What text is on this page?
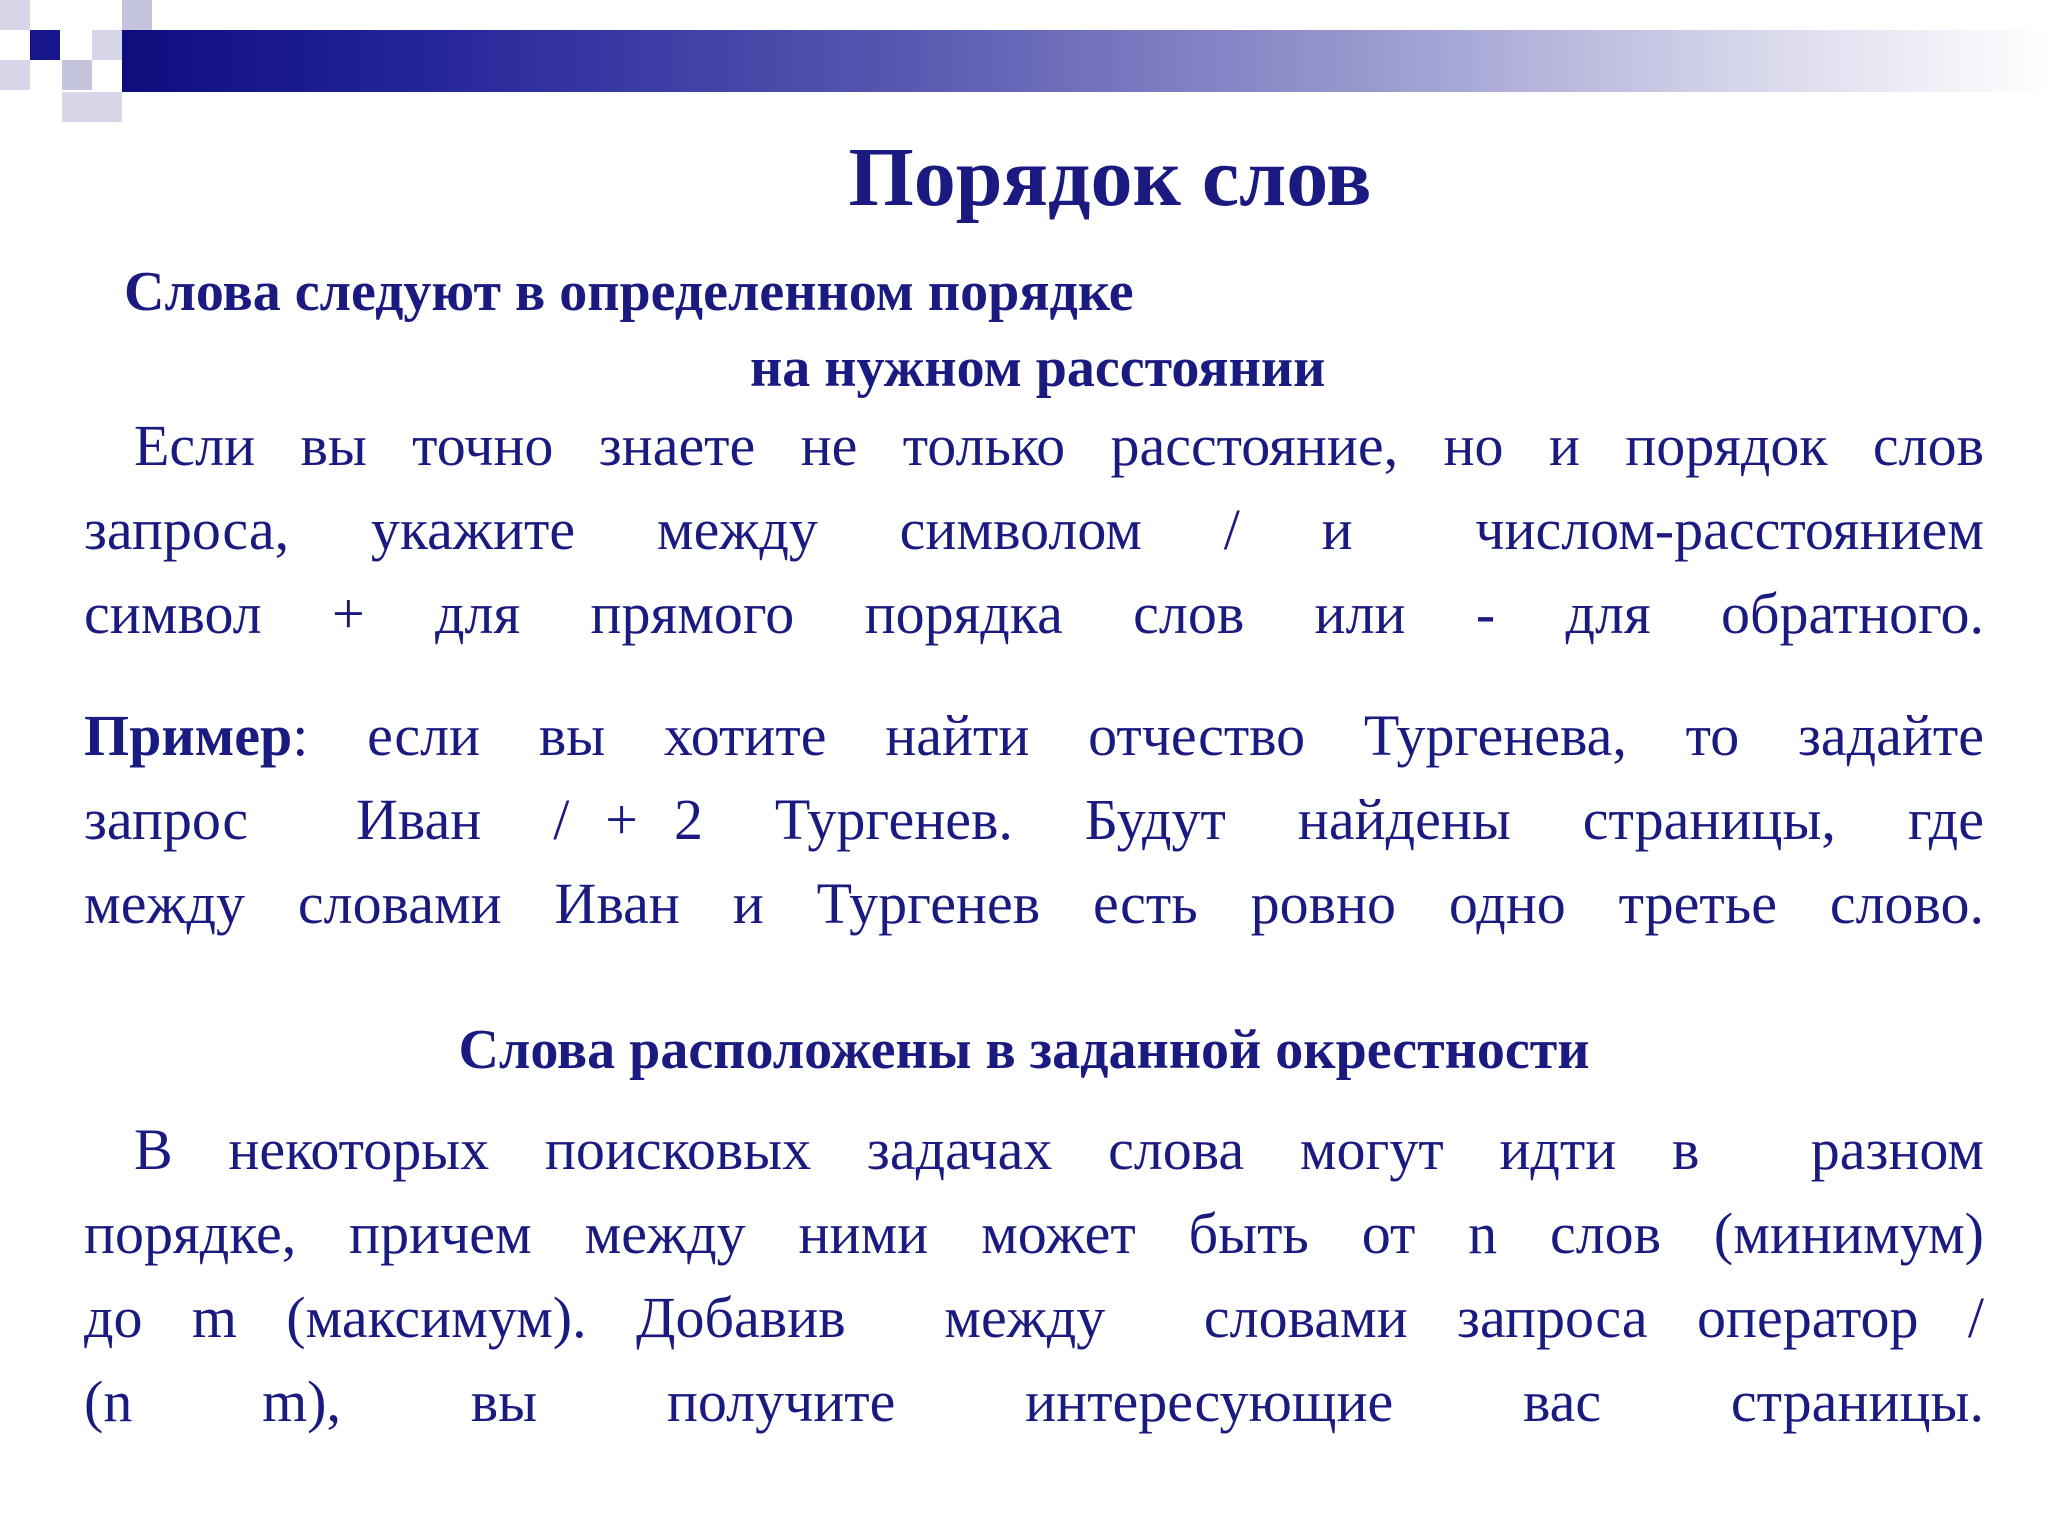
Порядок слов
Слова следуют в определенном порядке
на нужном расстоянии
Если вы точно знаете не только расстояние, но и порядок слов
запроса,  укажите  между  символом  /  и   числом-расстоянием
символ  +  для  прямого  порядка  слов  или  -  для  обратного.
Пример: если вы хотите найти отчество Тургенева, то задайте
запрос   Иван  / + 2  Тургенев.  Будут  найдены  страницы,  где
между словами Иван и Тургенев есть ровно одно третье слово.
Слова расположены в заданной окрестности
В некоторых поисковых задачах слова могут идти в  разном
порядке, причем между ними может быть от n слов (минимум)
до m (максимум). Добавив  между  словами запроса оператор /
(n m), вы получите интересующие вас страницы.
